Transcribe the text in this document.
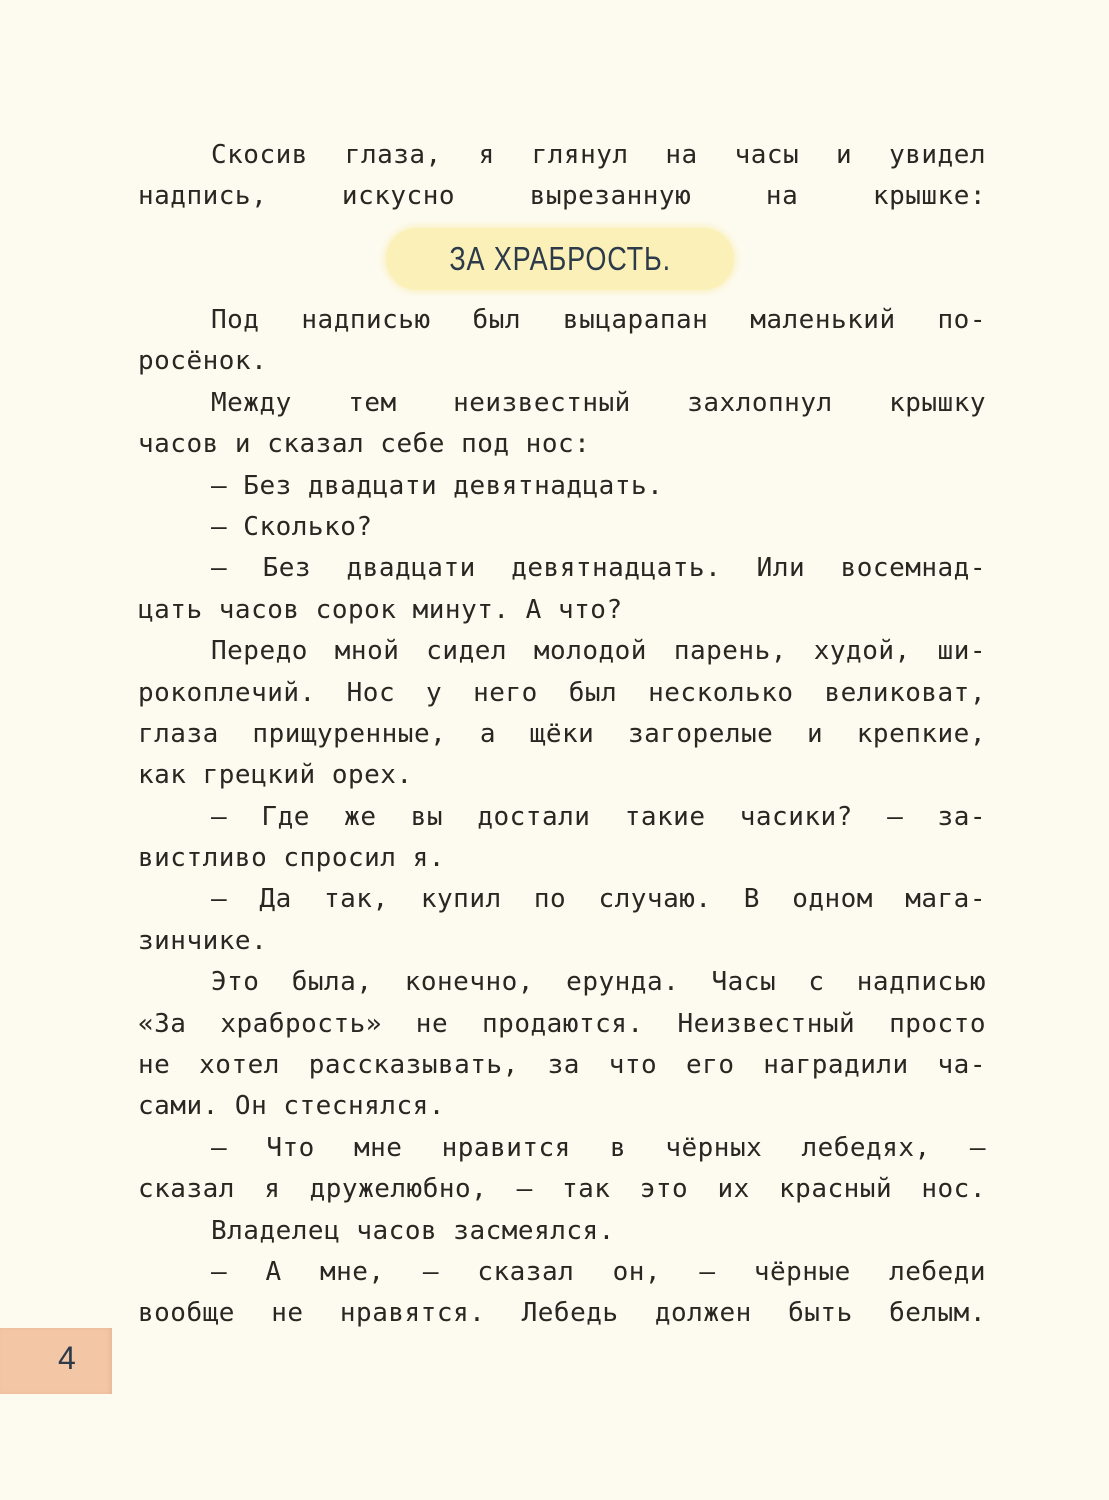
Скосив глаза, я глянул на часы и увидел
надпись, искусно вырезанную на крышке:
ЗА ХРАБРОСТЬ.
Под надписью был выцарапан маленький по-
росёнок.
Между тем неизвестный захлопнул крышку
часов и сказал себе под нос:
— Без двадцати девятнадцать.
— Сколько?
— Без двадцати девятнадцать. Или восемнад-
цать часов сорок минут. А что?
Передо мной сидел молодой парень, худой, ши-
рокоплечий. Нос у него был несколько великоват,
глаза прищуренные, а щёки загорелые и крепкие,
как грецкий орех.
— Где же вы достали такие часики? — за-
вистливо спросил я.
— Да так, купил по случаю. В одном мага-
зинчике.
Это была, конечно, ерунда. Часы с надписью
«За храбрость» не продаются. Неизвестный просто
не хотел рассказывать, за что его наградили ча-
сами. Он стеснялся.
— Что мне нравится в чёрных лебедях, —
сказал я дружелюбно, — так это их красный нос.
Владелец часов засмеялся.
— А мне, — сказал он, — чёрные лебеди
вообще не нравятся. Лебедь должен быть белым.
4
